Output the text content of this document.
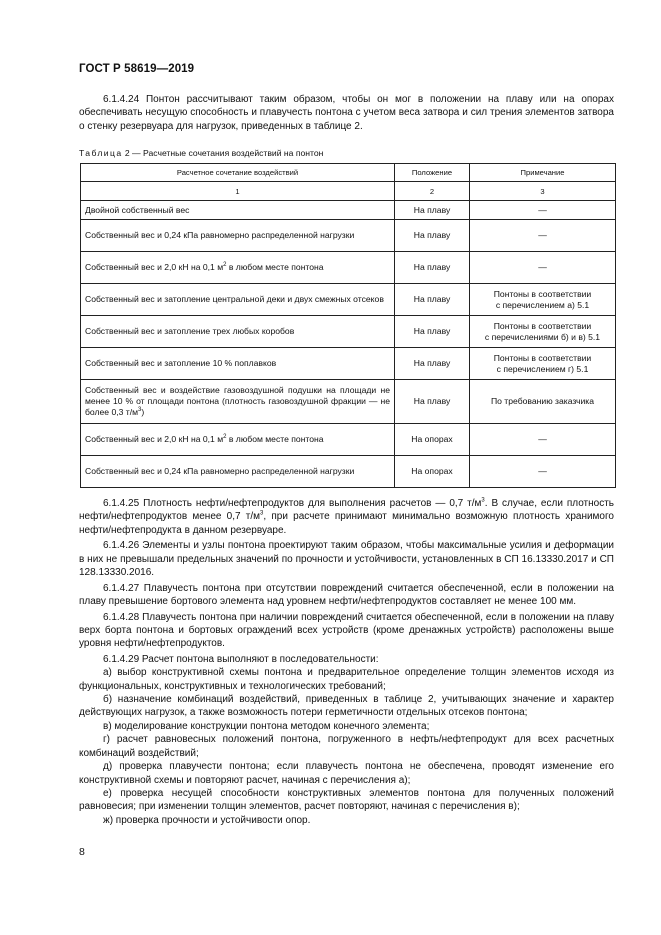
ГОСТ Р 58619—2019
6.1.4.24 Понтон рассчитывают таким образом, чтобы он мог в положении на плаву или на опорах обеспечивать несущую способность и плавучесть понтона с учетом веса затвора и сил трения элементов затвора о стенку резервуара для нагрузок, приведенных в таблице 2.
Таблица 2 — Расчетные сочетания воздействий на понтон
Расчетное сочетание воздействий	Положение	Примечание
1	2	3
Двойной собственный вес	На плаву	—
Собственный вес и 0,24 кПа равномерно распределенной нагрузки	На плаву	—
Собственный вес и 2,0 кН на 0,1 $м^2$ в любом месте понтона	На плаву	—
Собственный вес и затопление центральной деки и двух смежных отсеков	На плаву	Понтоны в соответствии
с перечислением а) 5.1
Собственный вес и затопление трех любых коробов	На плаву	Понтоны в соответствии
с перечислениями б) и в) 5.1
Собственный вес и затопление 10 % поплавков	На плаву	Понтоны в соответствии
с перечислением г) 5.1
Собственный вес и воздействие газовоздушной подушки на площади не менее 10 % от площади понтона (плотность газовоздушной фракции — не более 0,3 $т/м^3$)	На плаву	По требованию заказчика
Собственный вес и 2,0 кН на 0,1 $м^2$ в любом месте понтона	На опорах	—
Собственный вес и 0,24 кПа равномерно распределенной нагрузки	На опорах	—

6.1.4.25 Плотность нефти/нефтепродуктов для выполнения расчетов — 0,7 $т/м^3$. В случае, если плотность нефти/нефтепродуктов менее 0,7 $т/м^3$, при расчете принимают минимально возможную плотность хранимого нефти/нефтепродукта в данном резервуаре.

6.1.4.26 Элементы и узлы понтона проектируют таким образом, чтобы максимальные усилия и деформации в них не превышали предельных значений по прочности и устойчивости, установленных в СП 16.13330.2017 и СП 128.13330.2016.

6.1.4.27 Плавучесть понтона при отсутствии повреждений считается обеспеченной, если в положении на плаву превышение бортового элемента над уровнем нефти/нефтепродуктов составляет не менее 100 мм.

6.1.4.28 Плавучесть понтона при наличии повреждений считается обеспеченной, если в положении на плаву верх борта понтона и бортовых ограждений всех устройств (кроме дренажных устройств) расположены выше уровня нефти/нефтепродуктов.

6.1.4.29 Расчет понтона выполняют в последовательности:

а) выбор конструктивной схемы понтона и предварительное определение толщин элементов исходя из функциональных, конструктивных и технологических требований;

б) назначение комбинаций воздействий, приведенных в таблице 2, учитывающих значение и характер действующих нагрузок, а также возможность потери герметичности отдельных отсеков понтона;

в) моделирование конструкции понтона методом конечного элемента;

г) расчет равновесных положений понтона, погруженного в нефть/нефтепродукт для всех расчетных комбинаций воздействий;

д) проверка плавучести понтона; если плавучесть понтона не обеспечена, проводят изменение его конструктивной схемы и повторяют расчет, начиная с перечисления а);

е) проверка несущей способности конструктивных элементов понтона для полученных положений равновесия; при изменении толщин элементов, расчет повторяют, начиная с перечисления в);

ж) проверка прочности и устойчивости опор.

8
